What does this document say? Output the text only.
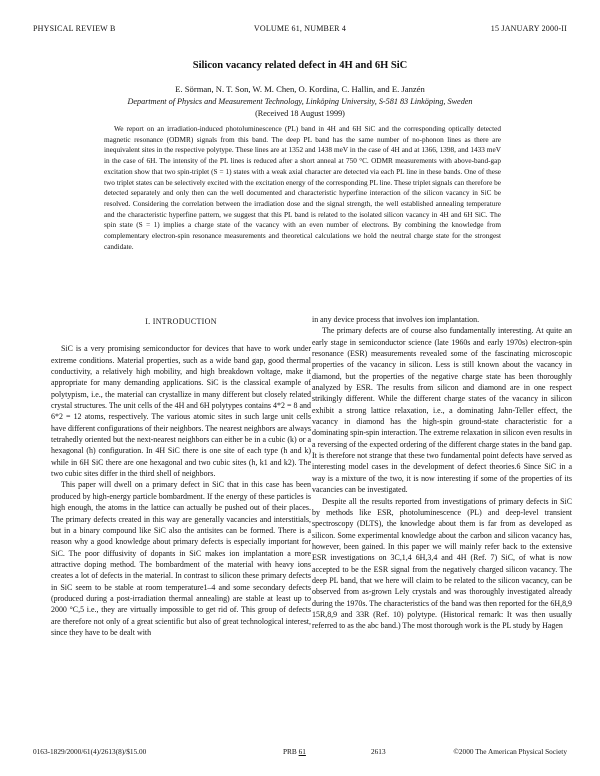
PHYSICAL REVIEW B	VOLUME 61, NUMBER 4	15 JANUARY 2000-II
Silicon vacancy related defect in 4H and 6H SiC
E. Sörman, N. T. Son, W. M. Chen, O. Kordina, C. Hallin, and E. Janzén
Department of Physics and Measurement Technology, Linköping University, S-581 83 Linköping, Sweden
(Received 18 August 1999)
We report on an irradiation-induced photoluminescence (PL) band in 4H and 6H SiC and the corresponding optically detected magnetic resonance (ODMR) signals from this band. The deep PL band has the same number of no-phonon lines as there are inequivalent sites in the respective polytype. These lines are at 1352 and 1438 meV in the case of 4H and at 1366, 1398, and 1433 meV in the case of 6H. The intensity of the PL lines is reduced after a short anneal at 750 °C. ODMR measurements with above-band-gap excitation show that two spin-triplet (S = 1) states with a weak axial character are detected via each PL line in these bands. One of these two triplet states can be selectively excited with the excitation energy of the corresponding PL line. These triplet signals can therefore be detected separately and only then can the well documented and characteristic hyperfine interaction of the silicon vacancy in SiC be resolved. Considering the correlation between the irradiation dose and the signal strength, the well established annealing temperature and the characteristic hyperfine pattern, we suggest that this PL band is related to the isolated silicon vacancy in 4H and 6H SiC. The spin state (S = 1) implies a charge state of the vacancy with an even number of electrons. By combining the knowledge from complementary electron-spin resonance measurements and theoretical calculations we hold the neutral charge state for the strongest candidate.
I. INTRODUCTION

SiC is a very promising semiconductor for devices that have to work under extreme conditions. Material properties, such as a wide band gap, good thermal conductivity, a relatively high mobility, and high breakdown voltage, make it appropriate for many demanding applications. SiC is the classical example of polytypism, i.e., the material can crystallize in many different but closely related crystal structures. The unit cells of the 4H and 6H polytypes contains 4*2 = 8 and 6*2 = 12 atoms, respectively. The various atomic sites in such large unit cells have different configurations of their neighbors. The nearest neighbors are always tetrahedly oriented but the next-nearest neighbors can either be in a cubic (k) or a hexagonal (h) configuration. In 4H SiC there is one site of each type (h and k) while in 6H SiC there are one hexagonal and two cubic sites (h, k1 and k2). The two cubic sites differ in the third shell of neighbors.

This paper will dwell on a primary defect in SiC that in this case has been produced by high-energy particle bombardment. If the energy of these particles is high enough, the atoms in the lattice can actually be pushed out of their places. The primary defects created in this way are generally vacancies and interstitials, but in a binary compound like SiC also the antisites can be formed. There is a reason why a good knowledge about primary defects is especially important for SiC. The poor diffusivity of dopants in SiC makes ion implantation a more attractive doping method. The bombardment of the material with heavy ions creates a lot of defects in the material. In contrast to silicon these primary defects in SiC seem to be stable at room temperature1–4 and some secondary defects (produced during a post-irradiation thermal annealing) are stable at least up to 2000 °C,5 i.e., they are virtually impossible to get rid of. This group of defects are therefore not only of a great scientific but also of great technological interest, since they have to be dealt with

in any device process that involves ion implantation.

The primary defects are of course also fundamentally interesting. At quite an early stage in semiconductor science (late 1960s and early 1970s) electron-spin resonance (ESR) measurements revealed some of the fascinating microscopic properties of the vacancy in silicon. Less is still known about the vacancy in diamond, but the properties of the negative charge state has been thoroughly analyzed by ESR. The results from silicon and diamond are in one respect strikingly different. While the different charge states of the vacancy in silicon exhibit a strong lattice relaxation, i.e., a dominating Jahn-Teller effect, the vacancy in diamond has the high-spin ground-state characteristic for a dominating spin-spin interaction. The extreme relaxation in silicon even results in a reversing of the expected ordering of the different charge states in the band gap. It is therefore not strange that these two fundamental point defects have served as interesting model cases in the development of defect theories.6 Since SiC in a way is a mixture of the two, it is now interesting if some of the properties of its vacancies can be investigated.

Despite all the results reported from investigations of primary defects in SiC by methods like ESR, photoluminescence (PL) and deep-level transient spectroscopy (DLTS), the knowledge about them is far from as developed as silicon. Some experimental knowledge about the carbon and silicon vacancy has, however, been gained. In this paper we will mainly refer back to the extensive ESR investigations on 3C,1,4 6H,3,4 and 4H (Ref. 7) SiC, of what is now accepted to be the ESR signal from the negatively charged silicon vacancy. The deep PL band, that we here will claim to be related to the silicon vacancy, can be observed from as-grown Lely crystals and was thoroughly investigated already during the 1970s. The characteristics of the band was then reported for the 6H,8,9 15R,8,9 and 33R (Ref. 10) polytype. (Historical remark: It was then usually referred to as the abc band.) The most thorough work is the PL study by Hagen

0163-1829/2000/61(4)/2613(8)/$15.00	PRB 61	2613	©2000 The American Physical Society
